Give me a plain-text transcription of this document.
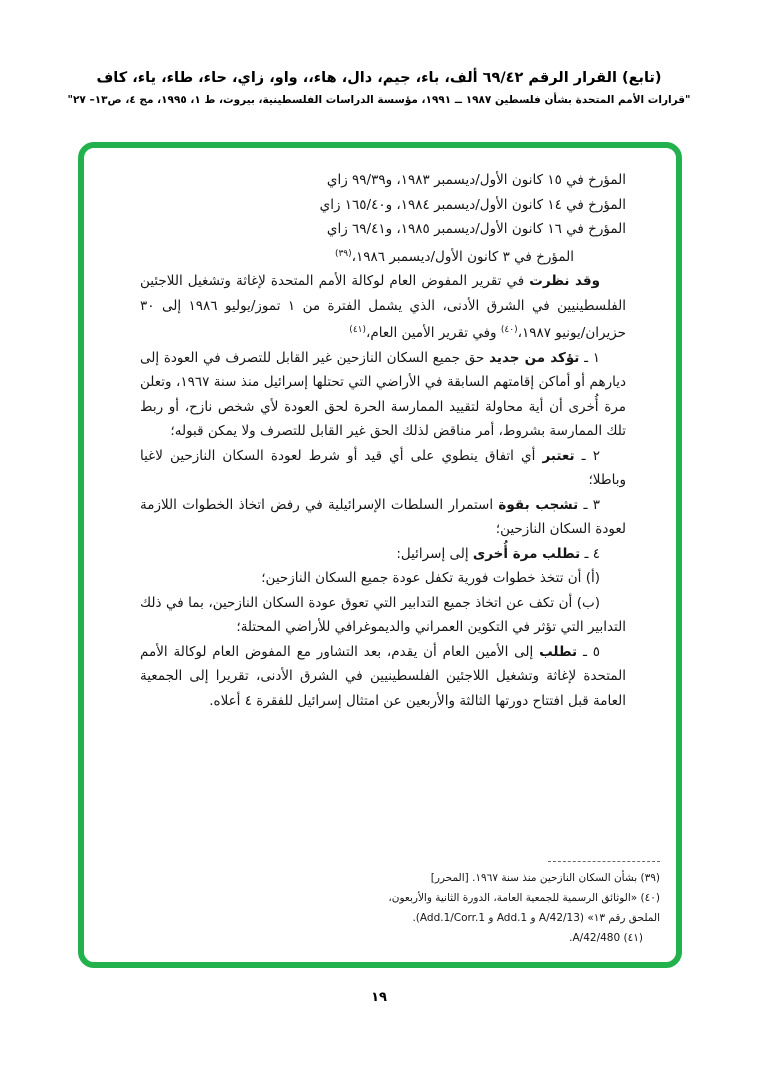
(تابع) القرار الرقم ٦٩/٤٢ ألف، باء، جيم، دال، هاء،، واو، زاي، حاء، طاء، ياء، كاف
"قرارات الأمم المتحدة بشأن فلسطين ١٩٨٧ ــ ١٩٩١، مؤسسة الدراسات الفلسطينية، بيروت، ط ١، ١٩٩٥، مج ٤، ص١٣– ٢٧"
المؤرخ في ١٥ كانون الأول/ديسمبر ١٩٨٣، و٩٩/٣٩ زاي
المؤرخ في ١٤ كانون الأول/ديسمبر ١٩٨٤، و١٦٥/٤٠ زاي
المؤرخ في ١٦ كانون الأول/ديسمبر ١٩٨٥، و٦٩/٤١ زاي
المؤرخ في ٣ كانون الأول/ديسمبر ١٩٨٦،$^{(٣٩)}$
وقد نظرت في تقرير المفوض العام لوكالة الأمم المتحدة لإغاثة وتشغيل اللاجئين الفلسطينيين في الشرق الأدنى، الذي يشمل الفترة من ١ تموز/يوليو ١٩٨٦ إلى ٣٠ حزيران/يونيو ١٩٨٧،$^{(٤٠)}$ وفي تقرير الأمين العام،$^{(٤١)}$
١ ـ تؤكد من جديد حق جميع السكان النازحين غير القابل للتصرف في العودة إلى ديارهم أو أماكن إقامتهم السابقة في الأراضي التي تحتلها إسرائيل منذ سنة ١٩٦٧، وتعلن مرة أُخرى أن أية محاولة لتقييد الممارسة الحرة لحق العودة لأي شخص نازح، أو ربط تلك الممارسة بشروط، أمر مناقض لذلك الحق غير القابل للتصرف ولا يمكن قبوله؛
٢ ـ تعتبر أي اتفاق ينطوي على أي قيد أو شرط لعودة السكان النازحين لاغيا وباطلا؛
٣ ـ تشجب بقوة استمرار السلطات الإسرائيلية في رفض اتخاذ الخطوات اللازمة لعودة السكان النازحين؛
٤ ـ تطلب مرة أُخرى إلى إسرائيل:
(أ) أن تتخذ خطوات فورية تكفل عودة جميع السكان النازحين؛
(ب) أن تكف عن اتخاذ جميع التدابير التي تعوق عودة السكان النازحين، بما في ذلك التدابير التي تؤثر في التكوين العمراني والديموغرافي للأراضي المحتلة؛
٥ ـ تطلب إلى الأمين العام أن يقدم، بعد التشاور مع المفوض العام لوكالة الأمم المتحدة لإغاثة وتشغيل اللاجئين الفلسطينيين في الشرق الأدنى، تقريرا إلى الجمعية العامة قبل افتتاح دورتها الثالثة والأربعين عن امتثال إسرائيل للفقرة ٤ أعلاه.
(٣٩) بشأن السكان النازحين منذ سنة ١٩٦٧. [المحرر]
(٤٠) «الوثائق الرسمية للجمعية العامة، الدورة الثانية والأربعون، الملحق رقم ١٣» (A/42/13 و Add.1 و Add.1/Corr.1).
(٤١) A/42/480.
١٩
